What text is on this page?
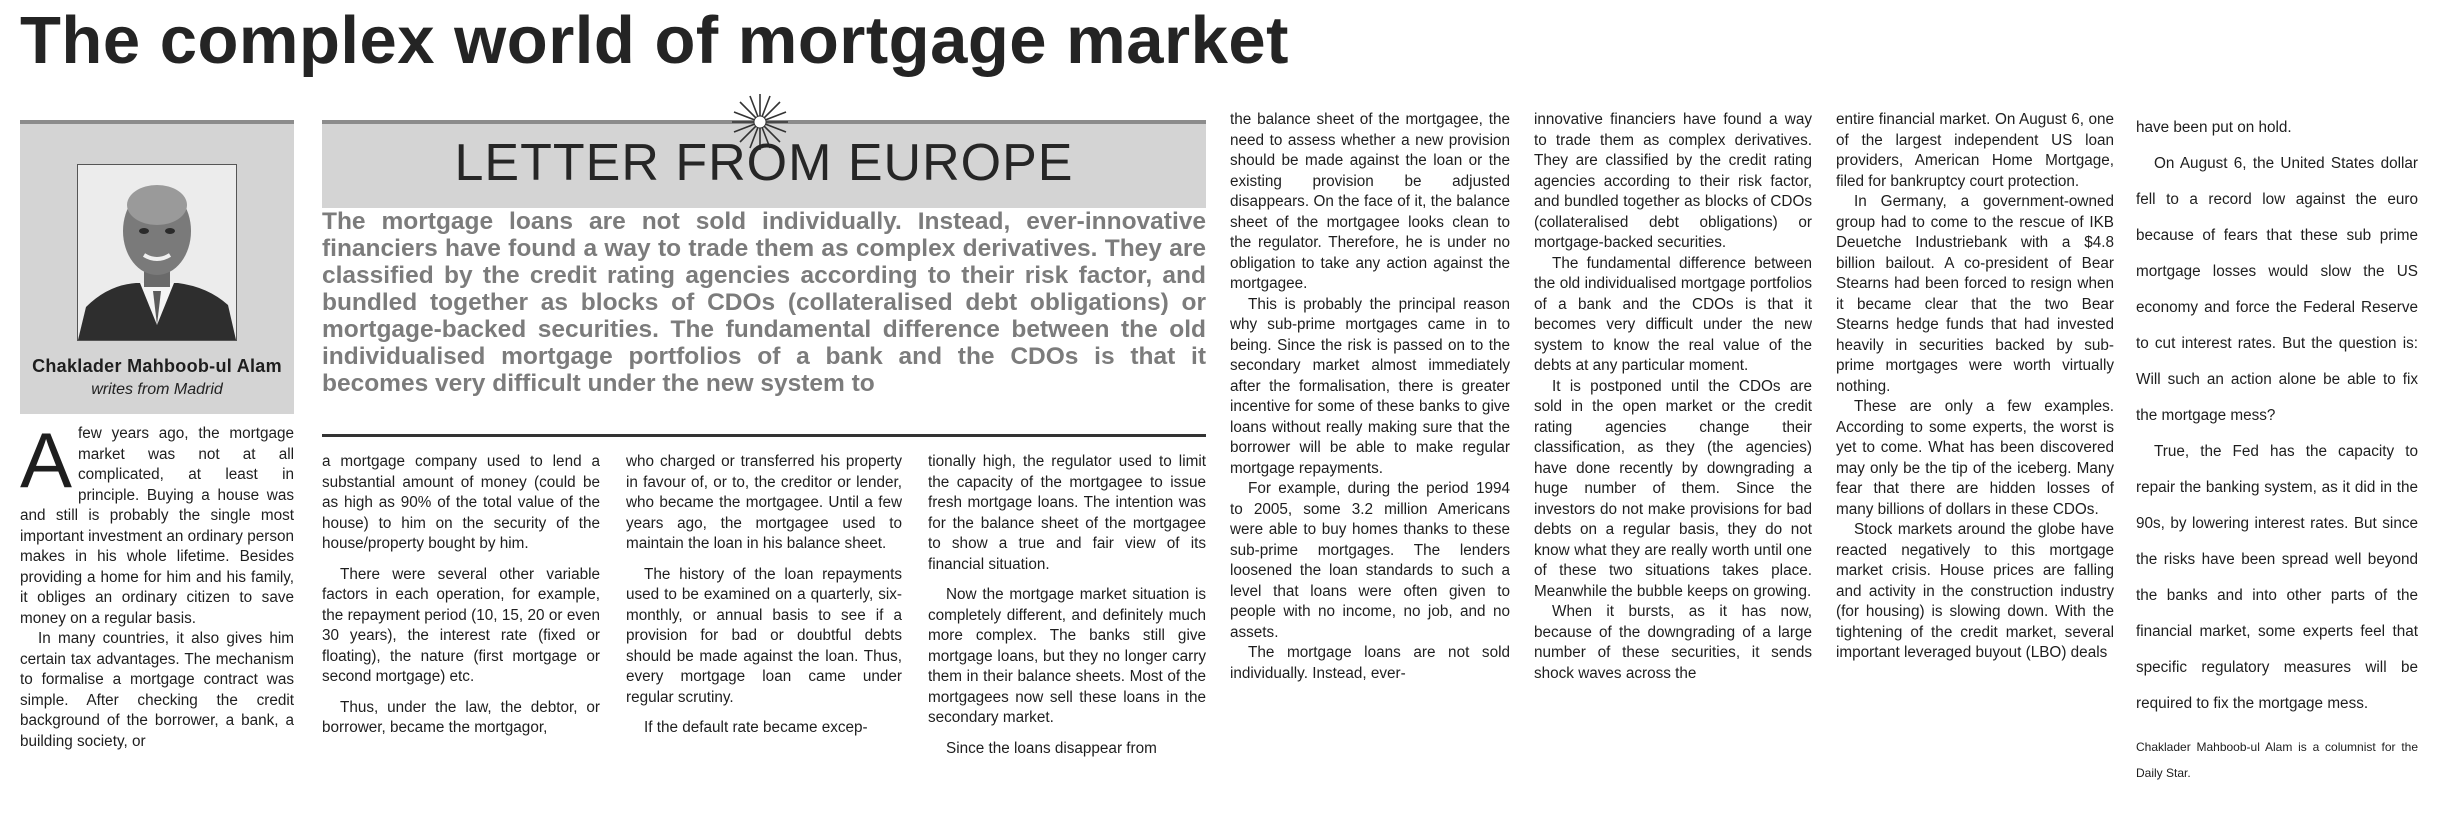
The complex world of mortgage market
Chaklader Mahboob-ul Alam
writes from Madrid
LETTER FROM EUROPE
The mortgage loans are not sold individually. Instead, ever-innovative financiers have found a way to trade them as complex derivatives. They are classified by the credit rating agencies according to their risk factor, and bundled together as blocks of CDOs (collateralised debt obligations) or mortgage-backed securities. The fundamental difference between the old individualised mortgage portfolios of a bank and the CDOs is that it becomes very difficult under the new system to

Afew years ago, the mortgage market was not at all complicated, at least in principle. Buying a house was and still is probably the single most important investment an ordinary person makes in his whole lifetime. Besides providing a home for him and his family, it obliges an ordinary citizen to save money on a regular basis.

In many countries, it also gives him certain tax advantages. The mechanism to formalise a mortgage contract was simple. After checking the credit background of the borrower, a bank, a building society, or

a mortgage company used to lend a substantial amount of money (could be as high as 90% of the total value of the house) to him on the security of the house/property bought by him.

There were several other variable factors in each operation, for example, the repayment period (10, 15, 20 or even 30 years), the interest rate (fixed or floating), the nature (first mortgage or second mortgage) etc.

Thus, under the law, the debtor, or borrower, became the mortgagor,

who charged or transferred his property in favour of, or to, the creditor or lender, who became the mortgagee. Until a few years ago, the mortgagee used to maintain the loan in his balance sheet.

The history of the loan repayments used to be examined on a quarterly, six-monthly, or annual basis to see if a provision for bad or doubtful debts should be made against the loan. Thus, every mortgage loan came under regular scrutiny.

If the default rate became excep-

tionally high, the regulator used to limit the capacity of the mortgagee to issue fresh mortgage loans. The intention was for the balance sheet of the mortgagee to show a true and fair view of its financial situation.

Now the mortgage market situation is completely different, and definitely much more complex. The banks still give mortgage loans, but they no longer carry them in their balance sheets. Most of the mortgagees now sell these loans in the secondary market.

Since the loans disappear from

the balance sheet of the mortgagee, the need to assess whether a new provision should be made against the loan or the existing provision be adjusted disappears. On the face of it, the balance sheet of the mortgagee looks clean to the regulator. Therefore, he is under no obligation to take any action against the mortgagee.

This is probably the principal reason why sub-prime mortgages came in to being. Since the risk is passed on to the secondary market almost immediately after the formalisation, there is greater incentive for some of these banks to give loans without really making sure that the borrower will be able to make regular mortgage repayments.

For example, during the period 1994 to 2005, some 3.2 million Americans were able to buy homes thanks to these sub-prime mortgages. The lenders loosened the loan standards to such a level that loans were often given to people with no income, no job, and no assets.

The mortgage loans are not sold individually. Instead, ever-

innovative financiers have found a way to trade them as complex derivatives. They are classified by the credit rating agencies according to their risk factor, and bundled together as blocks of CDOs (collateralised debt obligations) or mortgage-backed securities.

The fundamental difference between the old individualised mortgage portfolios of a bank and the CDOs is that it becomes very difficult under the new system to know the real value of the debts at any particular moment.

It is postponed until the CDOs are sold in the open market or the credit rating agencies change their classification, as they (the agencies) have done recently by downgrading a huge number of them. Since the investors do not make provisions for bad debts on a regular basis, they do not know what they are really worth until one of these two situations takes place. Meanwhile the bubble keeps on growing.

When it bursts, as it has now, because of the downgrading of a large number of these securities, it sends shock waves across the

entire financial market. On August 6, one of the largest independent US loan providers, American Home Mortgage, filed for bankruptcy court protection.

In Germany, a government-owned group had to come to the rescue of IKB Deuetche Industriebank with a $4.8 billion bailout. A co-president of Bear Stearns had been forced to resign when it became clear that the two Bear Stearns hedge funds that had invested heavily in securities backed by sub-prime mortgages were worth virtually nothing.

These are only a few examples. According to some experts, the worst is yet to come. What has been discovered may only be the tip of the iceberg. Many fear that there are hidden losses of many billions of dollars in these CDOs.

Stock markets around the globe have reacted negatively to this mortgage market crisis. House prices are falling and activity in the construction industry (for housing) is slowing down. With the tightening of the credit market, several important leveraged buyout (LBO) deals

have been put on hold.

On August 6, the United States dollar fell to a record low against the euro because of fears that these sub prime mortgage losses would slow the US economy and force the Federal Reserve to cut interest rates. But the question is: Will such an action alone be able to fix the mortgage mess?

True, the Fed has the capacity to repair the banking system, as it did in the 90s, by lowering interest rates. But since the risks have been spread well beyond the banks and into other parts of the financial market, some experts feel that specific regulatory measures will be required to fix the mortgage mess.

Chaklader Mahboob-ul Alam is a columnist for the Daily Star.
